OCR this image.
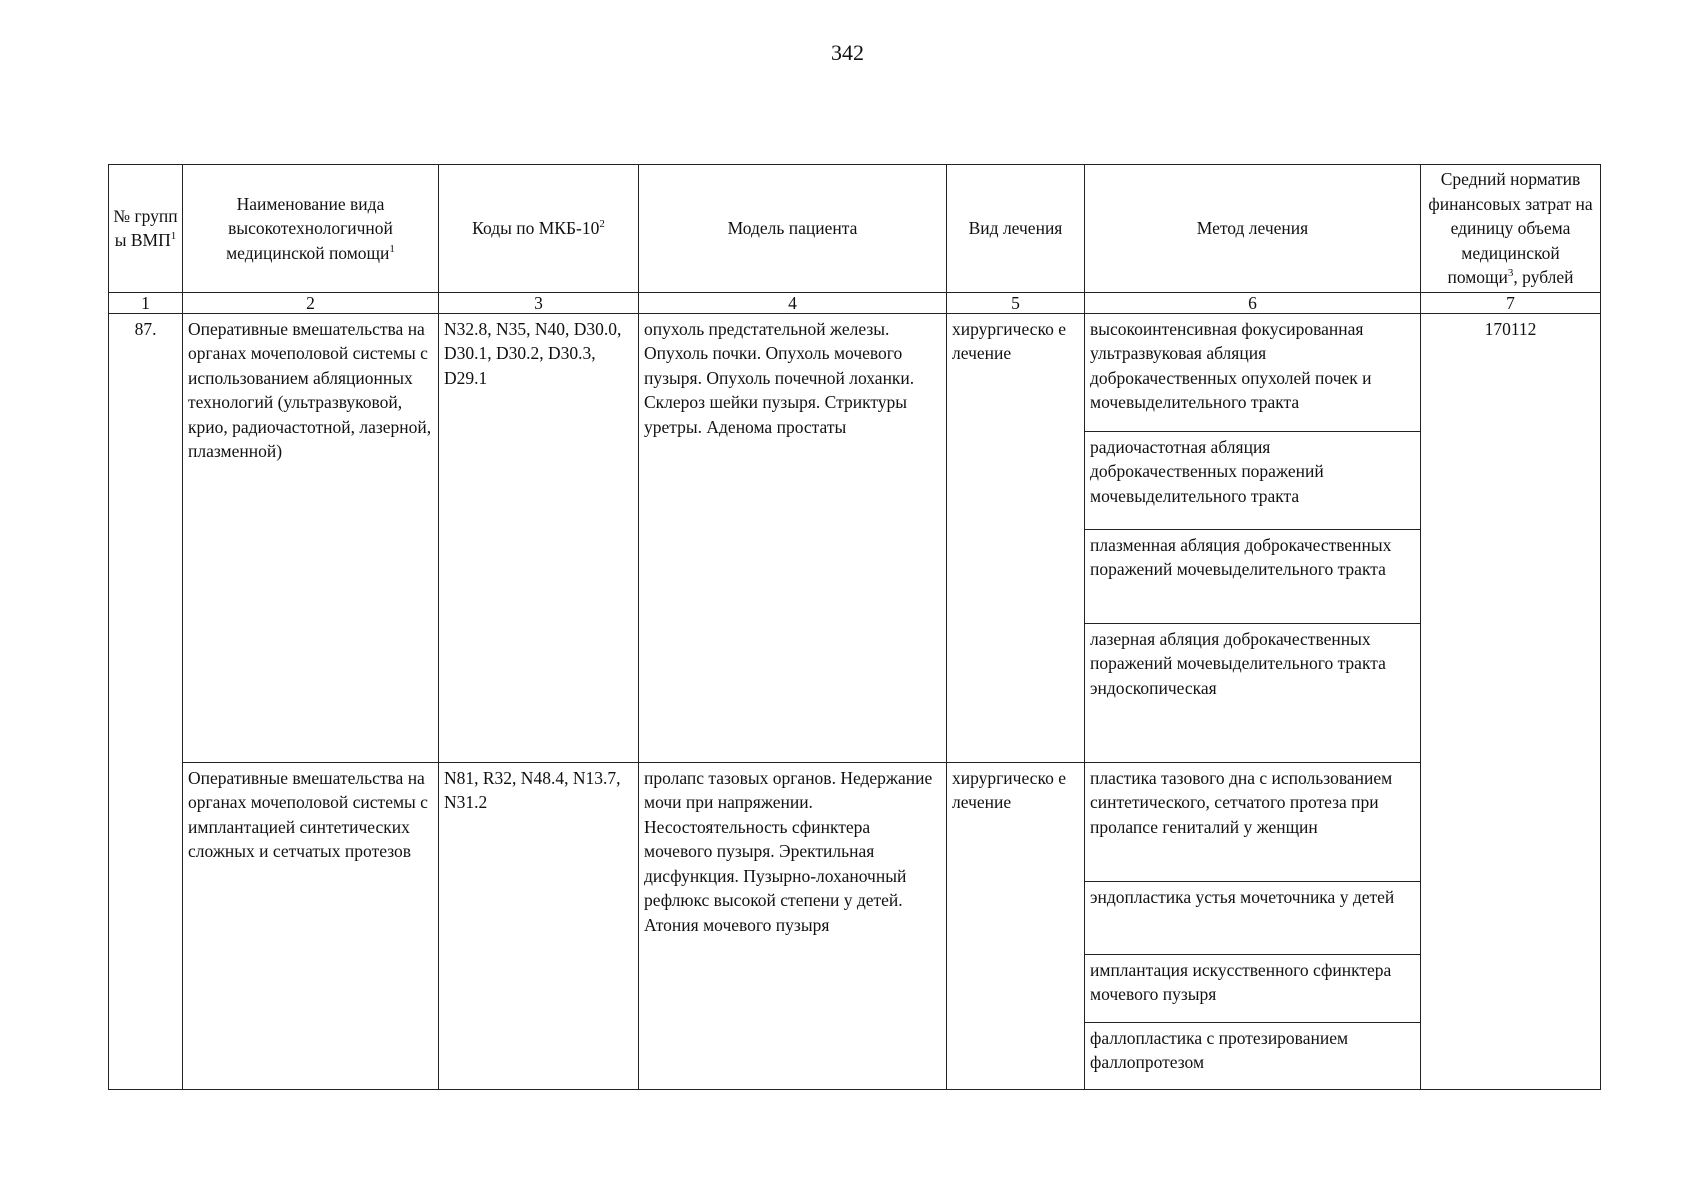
342
№ групп ы ВМП$^1$	Наименование вида высокотехнологичной медицинской помощи$^1$	Коды по МКБ-$10^2$	Модель пациента	Вид лечения	Метод лечения	Средний норматив финансовых затрат на единицу объема медицинской помощи$^3$, рублей
1	2	3	4	5	6	7
87.	Оперативные вмешательства на органах мочеполовой системы с использованием абляционных технологий (ультразвуковой, крио, радиочастотной, лазерной, плазменной)	N32.8, N35, N40, D30.0, D30.1, D30.2, D30.3, D29.1	опухоль предстательной железы. Опухоль почки. Опухоль мочевого пузыря. Опухоль почечной лоханки. Склероз шейки пузыря. Стриктуры уретры. Аденома простаты	хирургическо е лечение	высокоинтенсивная фокусированная ультразвуковая абляция доброкачественных опухолей почек и мочевыделительного тракта
радиочастотная абляция доброкачественных поражений мочевыделительного тракта
плазменная абляция доброкачественных поражений мочевыделительного тракта
лазерная абляция доброкачественных поражений мочевыделительного тракта эндоскопическая	170112
	Оперативные вмешательства на органах мочеполовой системы с имплантацией синтетических сложных и сетчатых протезов	N81, R32, N48.4, N13.7, N31.2	пролапс тазовых органов. Недержание мочи при напряжении. Несостоятельность сфинктера мочевого пузыря. Эректильная дисфункция. Пузырно-лоханочный рефлюкс высокой степени у детей. Атония мочевого пузыря	хирургическо е лечение	пластика тазового дна с использованием синтетического, сетчатого протеза при пролапсе гениталий у женщин
эндопластика устья мочеточника у детей
имплантация искусственного сфинктера мочевого пузыря
фаллопластика с протезированием фаллопротезом	
